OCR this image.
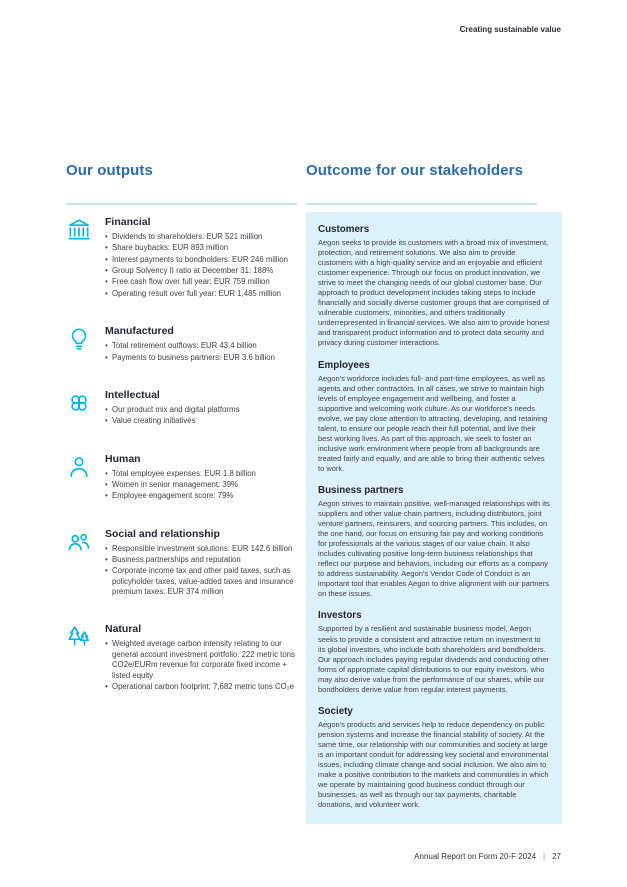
Creating sustainable value
Our outputs	Outcome for our stakeholders
Financial
• Dividends to shareholders: EUR 521 million
• Share buybacks: EUR 893 million
• Interest payments to bondholders: EUR 246 million
• Group Solvency II ratio at December 31: 188%
• Free cash flow over full year: EUR 759 million
• Operating result over full year: EUR 1,485 million
Manufactured
• Total retirement outflows: EUR 43.4 billion
• Payments to business partners: EUR 3.6 billion
Intellectual
• Our product mix and digital platforms
• Value creating initiatives
Human
• Total employee expenses: EUR 1.8 billion
• Women in senior management: 39%
• Employee engagement score: 79%
Social and relationship
• Responsible investment solutions: EUR 142.6 billion
• Business partnerships and reputation
• Corporate income tax and other paid taxes, such as policyholder taxes, value-added taxes and insurance premium taxes: EUR 374 million
Natural
• Weighted average carbon intensity relating to our general account investment portfolio: 222 metric tons CO2e/EURm revenue for corporate fixed income + listed equity
• Operational carbon footprint: 7,682 metric tons CO₂e
Customers

Aegon seeks to provide its customers with a broad mix of investment, protection, and retirement solutions. We also aim to provide customers with a high-quality service and an enjoyable and efficient customer experience. Through our focus on product innovation, we strive to meet the changing needs of our global customer base. Our approach to product development includes taking steps to include financially and socially diverse customer groups that are comprised of vulnerable customers, minorities, and others traditionally underrepresented in financial services. We also aim to provide honest and transparent product information and to protect data security and privacy during customer interactions.

Employees

Aegon's workforce includes full- and part-time employees, as well as agents and other contractors. In all cases, we strive to maintain high levels of employee engagement and wellbeing, and foster a supportive and welcoming work culture. As our workforce's needs evolve, we pay close attention to attracting, developing, and retaining talent, to ensure our people reach their full potential, and live their best working lives. As part of this approach, we seek to foster an inclusive work environment where people from all backgrounds are treated fairly and equally, and are able to bring their authentic selves to work.

Business partners

Aegon strives to maintain positive, well-managed relationships with its suppliers and other value chain partners, including distributors, joint venture partners, reinsurers, and sourcing partners. This includes, on the one hand, our focus on ensuring fair pay and working conditions for professionals at the various stages of our value chain. It also includes cultivating positive long-term business relationships that reflect our purpose and behaviors, including our efforts as a company to address sustainability. Aegon's Vendor Code of Conduct is an important tool that enables Aegon to drive alignment with our partners on these issues.

Investors

Supported by a resilient and sustainable business model, Aegon seeks to provide a consistent and attractive return on investment to its global investors, who include both shareholders and bondholders. Our approach includes paying regular dividends and conducting other forms of appropriate capital distributions to our equity investors, who may also derive value from the performance of our shares, while our bondholders derive value from regular interest payments.

Society

Aegon's products and services help to reduce dependency on public pension systems and increase the financial stability of society. At the same time, our relationship with our communities and society at large is an important conduit for addressing key societal and environmental issues, including climate change and social inclusion. We also aim to make a positive contribution to the markets and communities in which we operate by maintaining good business conduct through our businesses, as well as through our tax payments, charitable donations, and volunteer work.

Annual Report on Form 20-F 2024 | 27
